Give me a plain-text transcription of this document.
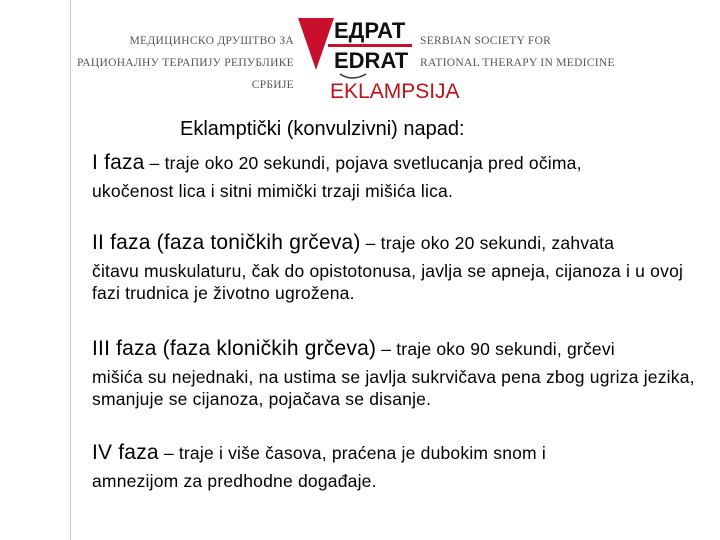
МЕДИЦИНСКО ДРУШТВО ЗА
РАЦИОНАЛНУ ТЕРАПИЈУ РЕПУБЛИКЕ СРБИЈЕ
ЕДРАТ
EDRAT
SERBIAN SOCIETY FOR
RATIONAL THERAPY IN MEDICINE
EKLAMPSIJA
Eklamptički (konvulzivni) napad:
I faza – traje oko 20 sekundi, pojava svetlucanja pred očima,
ukočenost lica i sitni mimički trzaji mišića lica.
II faza (faza toničkih grčeva) – traje oko 20 sekundi, zahvata
čitavu muskulaturu, čak do opistotonusa, javlja se apneja, cijanoza i u ovoj fazi trudnica je životno ugrožena.
III faza (faza kloničkih grčeva) – traje oko 90 sekundi, grčevi
mišića su nejednaki, na ustima se javlja sukrvičava pena zbog ugriza jezika, smanjuje se cijanoza, pojačava se disanje.
IV faza – traje i više časova, praćena je dubokim snom i
amnezijom za predhodne događaje.
